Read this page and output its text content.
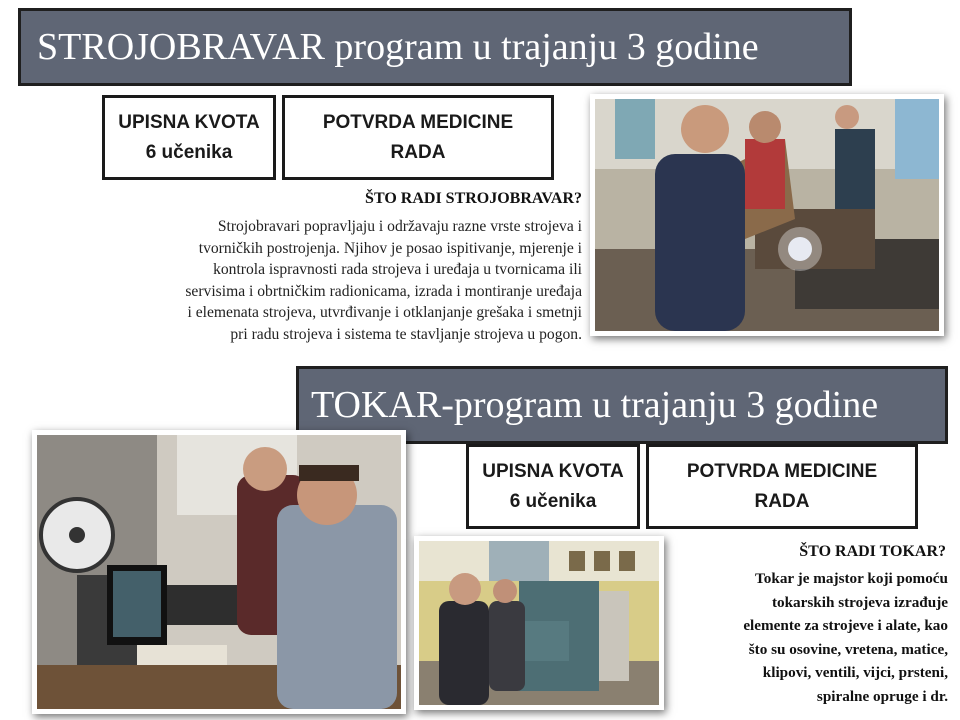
STROJOBRAVAR program u trajanju 3 godine
UPISNA KVOTA
6 učenika
POTVRDA MEDICINE
RADA
ŠTO RADI STROJOBRAVAR?
Strojobravari popravljaju i održavaju razne vrste strojeva i
tvorničkih postrojenja. Njihov je posao ispitivanje, mjerenje i
kontrola ispravnosti rada strojeva i uređaja u tvornicama ili
servisima i obrtničkim radionicama, izrada i montiranje uređaja
i elemenata strojeva, utvrđivanje i otklanjanje grešaka i smetnji
pri radu strojeva i sistema te stavljanje strojeva u pogon.
TOKAR-program u trajanju 3 godine
UPISNA KVOTA
6 učenika
POTVRDA MEDICINE
RADA
ŠTO RADI TOKAR?
Tokar je majstor koji pomoću
tokarskih strojeva izrađuje
elemente za strojeve i alate, kao
što su osovine, vretena, matice,
klipovi, ventili, vijci, prsteni,
spiralne opruge i dr.
